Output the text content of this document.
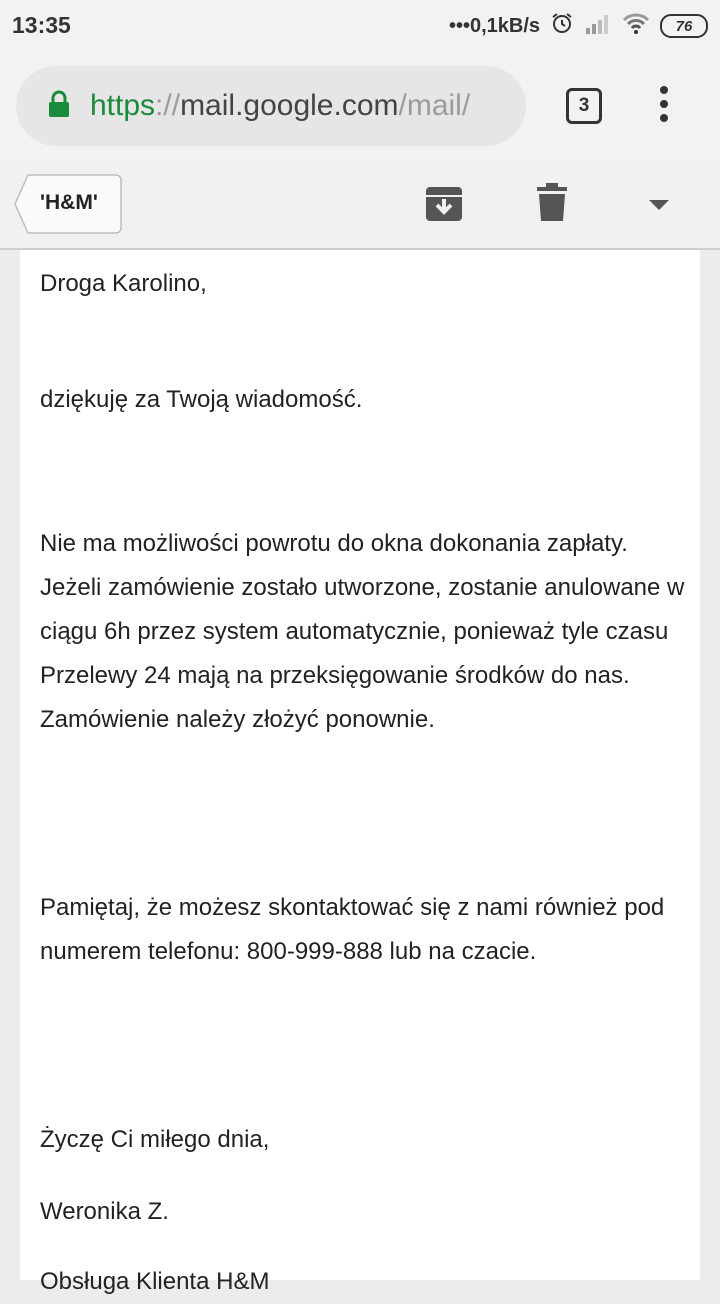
13:35	•••0,1kB/s	76
https://mail.google.com/mail/	3
'H&M'

Droga Karolino,

dziękuję za Twoją wiadomość.

Nie ma możliwości powrotu do okna dokonania zapłaty. Jeżeli zamówienie zostało utworzone, zostanie anulowane w ciągu 6h przez system automatycznie, ponieważ tyle czasu Przelewy 24 mają na przeksięgowanie środków do nas. Zamówienie należy złożyć ponownie.

Pamiętaj, że możesz skontaktować się z nami również pod numerem telefonu: 800-999-888 lub na czacie.

Życzę Ci miłego dnia,

Weronika Z.

Obsługa Klienta H&M
